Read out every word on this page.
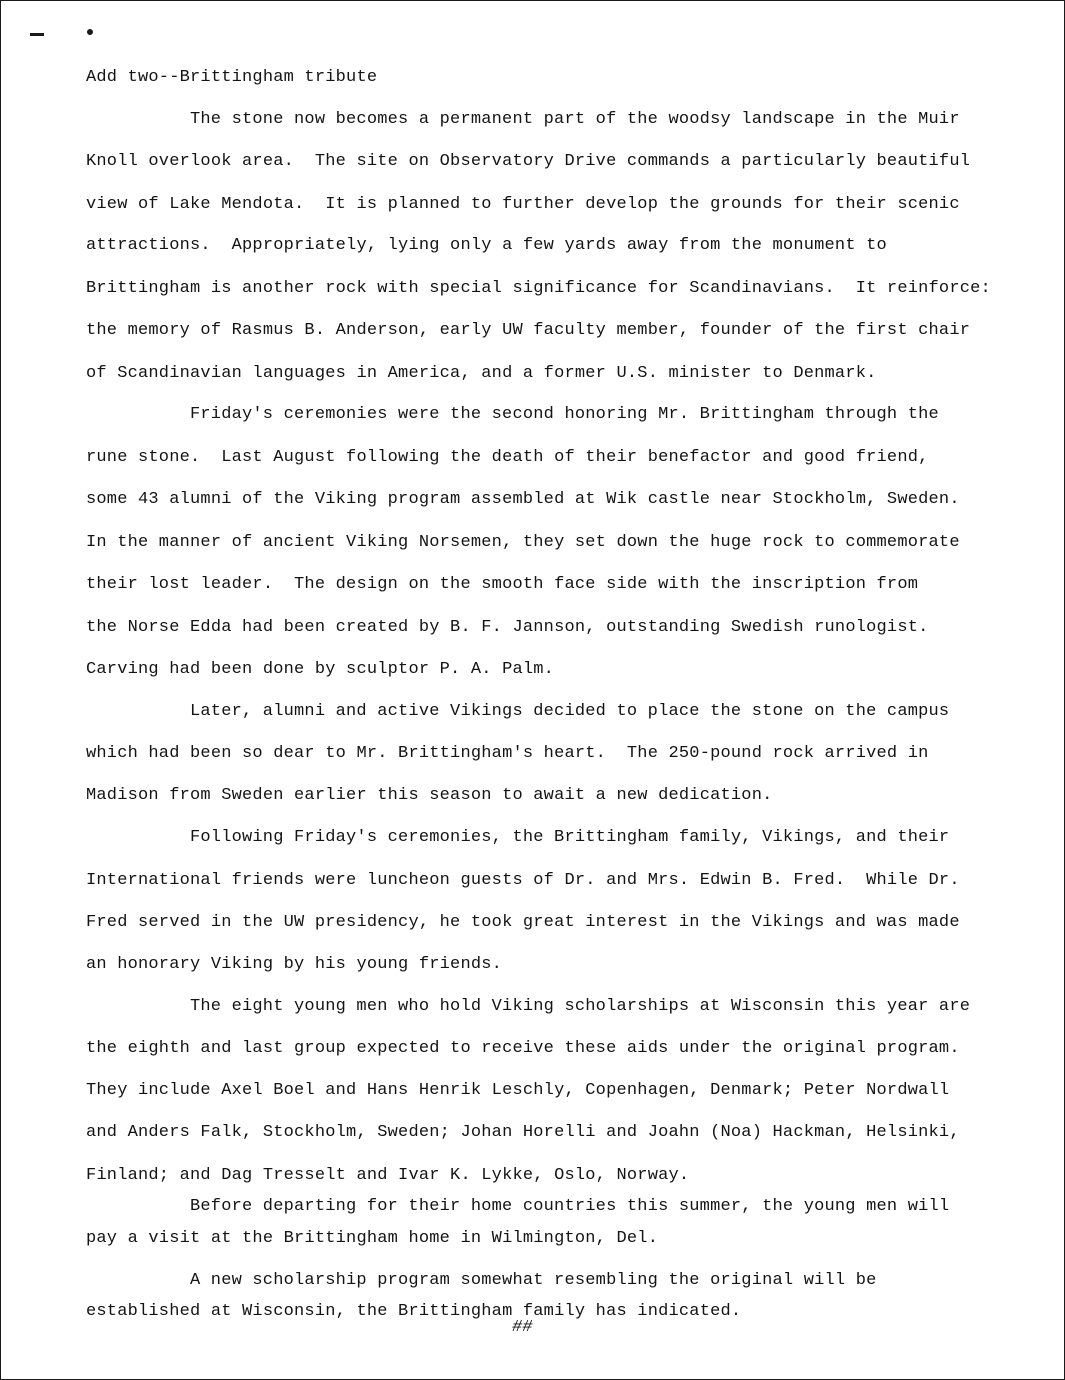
Add two--Brittingham tribute
The stone now becomes a permanent part of the woodsy landscape in the Muir
Knoll overlook area.  The site on Observatory Drive commands a particularly beautiful
view of Lake Mendota.  It is planned to further develop the grounds for their scenic
attractions.  Appropriately, lying only a few yards away from the monument to
Brittingham is another rock with special significance for Scandinavians.  It reinforce:
the memory of Rasmus B. Anderson, early UW faculty member, founder of the first chair
of Scandinavian languages in America, and a former U.S. minister to Denmark.
Friday's ceremonies were the second honoring Mr. Brittingham through the
rune stone.  Last August following the death of their benefactor and good friend,
some 43 alumni of the Viking program assembled at Wik castle near Stockholm, Sweden.
In the manner of ancient Viking Norsemen, they set down the huge rock to commemorate
their lost leader.  The design on the smooth face side with the inscription from
the Norse Edda had been created by B. F. Jannson, outstanding Swedish runologist.
Carving had been done by sculptor P. A. Palm.
Later, alumni and active Vikings decided to place the stone on the campus
which had been so dear to Mr. Brittingham's heart.  The 250-pound rock arrived in
Madison from Sweden earlier this season to await a new dedication.
Following Friday's ceremonies, the Brittingham family, Vikings, and their
International friends were luncheon guests of Dr. and Mrs. Edwin B. Fred.  While Dr.
Fred served in the UW presidency, he took great interest in the Vikings and was made
an honorary Viking by his young friends.
The eight young men who hold Viking scholarships at Wisconsin this year are
the eighth and last group expected to receive these aids under the original program.
They include Axel Boel and Hans Henrik Leschly, Copenhagen, Denmark; Peter Nordwall
and Anders Falk, Stockholm, Sweden; Johan Horelli and Joahn (Noa) Hackman, Helsinki,
Finland; and Dag Tresselt and Ivar K. Lykke, Oslo, Norway.
Before departing for their home countries this summer, the young men will
pay a visit at the Brittingham home in Wilmington, Del.
A new scholarship program somewhat resembling the original will be
established at Wisconsin, the Brittingham family has indicated.
##
